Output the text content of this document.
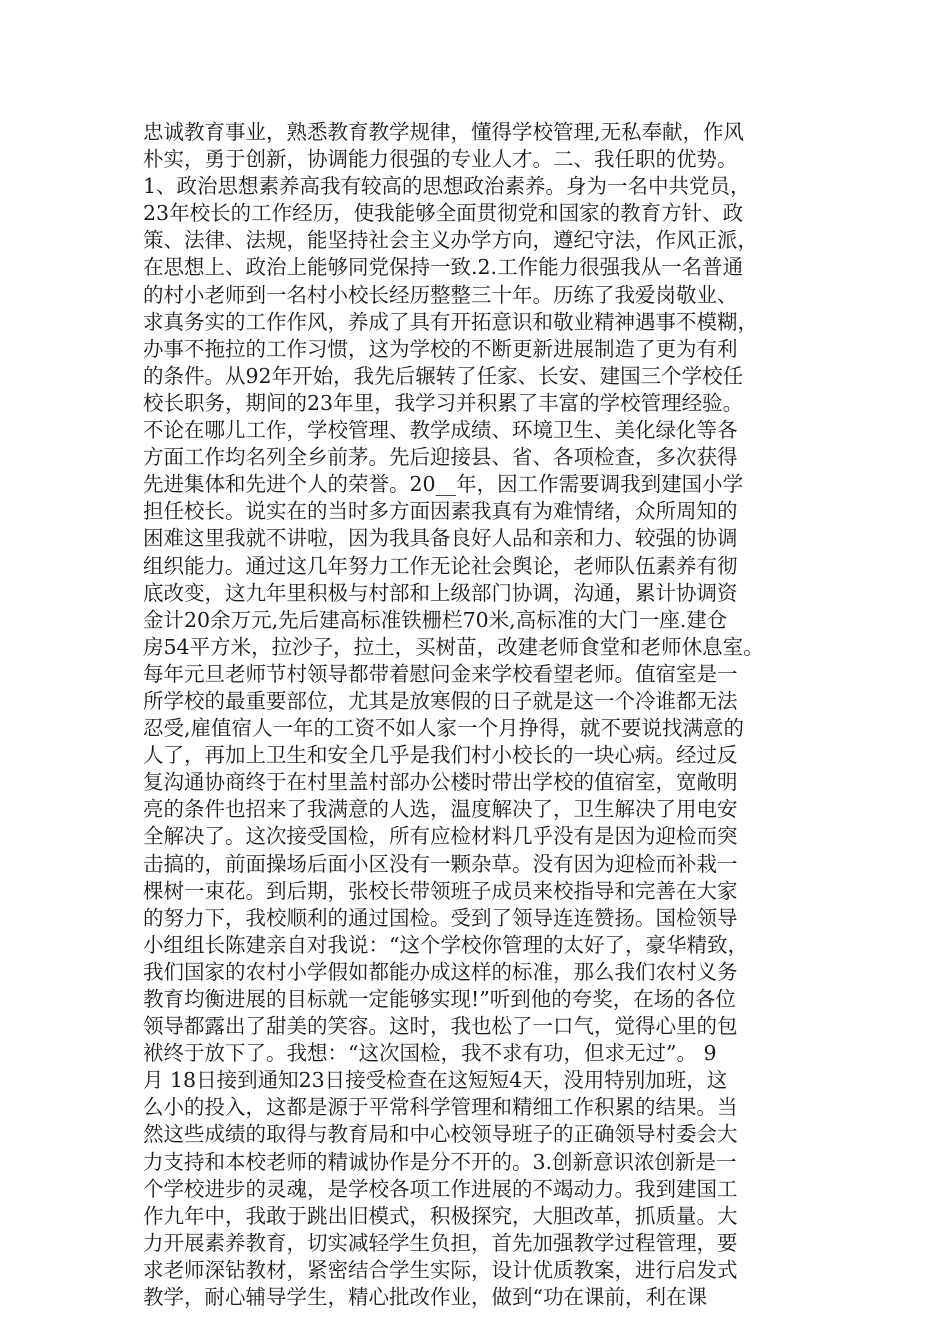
忠诚教育事业，熟悉教育教学规律，懂得学校管理,无私奉献，作风
朴实，勇于创新，协调能力很强的专业人才。二、我任职的优势。
1、政治思想素养高我有较高的思想政治素养。身为一名中共党员，
23年校长的工作经历，使我能够全面贯彻党和国家的教育方针、政
策、法律、法规，能坚持社会主义办学方向，遵纪守法，作风正派，
在思想上、政治上能够同党保持一致.2.工作能力很强我从一名普通
的村小老师到一名村小校长经历整整三十年。历练了我爱岗敬业、
求真务实的工作作风，养成了具有开拓意识和敬业精神遇事不模糊，
办事不拖拉的工作习惯，这为学校的不断更新进展制造了更为有利
的条件。从92年开始，我先后辗转了任家、长安、建国三个学校任
校长职务，期间的23年里，我学习并积累了丰富的学校管理经验。
不论在哪儿工作，学校管理、教学成绩、环境卫生、美化绿化等各
方面工作均名列全乡前茅。先后迎接县、省、各项检查，多次获得
先进集体和先进个人的荣誉。20__年，因工作需要调我到建国小学
担任校长。说实在的当时多方面因素我真有为难情绪，众所周知的
困难这里我就不讲啦，因为我具备良好人品和亲和力、较强的协调
组织能力。通过这几年努力工作无论社会舆论，老师队伍素养有彻
底改变，这九年里积极与村部和上级部门协调，沟通，累计协调资
金计20余万元,先后建高标准铁栅栏70米,高标准的大门一座.建仓
房54平方米，拉沙子，拉土，买树苗，改建老师食堂和老师休息室。
每年元旦老师节村领导都带着慰问金来学校看望老师。值宿室是一
所学校的最重要部位，尤其是放寒假的日子就是这一个冷谁都无法
忍受,雇值宿人一年的工资不如人家一个月挣得，就不要说找满意的
人了，再加上卫生和安全几乎是我们村小校长的一块心病。经过反
复沟通协商终于在村里盖村部办公楼时带出学校的值宿室，宽敞明
亮的条件也招来了我满意的人选，温度解决了，卫生解决了用电安
全解决了。这次接受国检，所有应检材料几乎没有是因为迎检而突
击搞的，前面操场后面小区没有一颗杂草。没有因为迎检而补栽一
棵树一束花。到后期，张校长带领班子成员来校指导和完善在大家
的努力下，我校顺利的通过国检。受到了领导连连赞扬。国检领导
小组组长陈建亲自对我说：“这个学校你管理的太好了，豪华精致，
我们国家的农村小学假如都能办成这样的标准，那么我们农村义务
教育均衡进展的目标就一定能够实现!”听到他的夸奖，在场的各位
领导都露出了甜美的笑容。这时，我也松了一口气，觉得心里的包
袱终于放下了。我想：“这次国检，我不求有功，但求无过”。 9
月 18日接到通知23日接受检查在这短短4天，没用特别加班，这
么小的投入，这都是源于平常科学管理和精细工作积累的结果。当
然这些成绩的取得与教育局和中心校领导班子的正确领导村委会大
力支持和本校老师的精诚协作是分不开的。3.创新意识浓创新是一
个学校进步的灵魂，是学校各项工作进展的不竭动力。我到建国工
作九年中，我敢于跳出旧模式，积极探究，大胆改革，抓质量。大
力开展素养教育，切实减轻学生负担，首先加强教学过程管理，要
求老师深钻教材，紧密结合学生实际，设计优质教案，进行启发式
教学，耐心辅导学生，精心批改作业，做到“功在课前，利在课
